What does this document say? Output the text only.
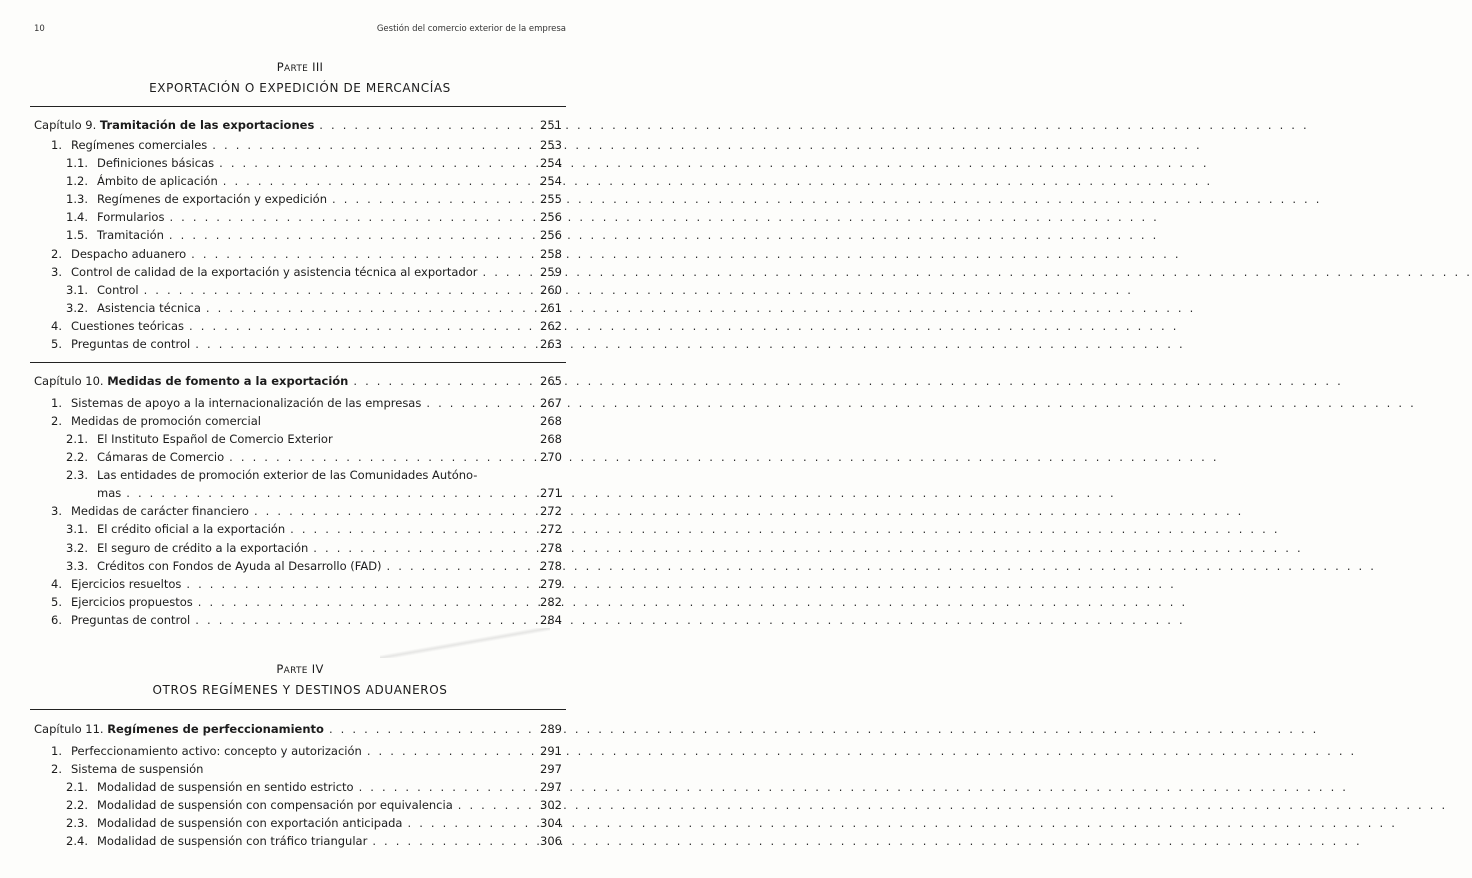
10	Gestión del comercio exterior de la empresa
PARTE III
EXPORTACIÓN O EXPEDICIÓN DE MERCANCÍAS
Capítulo 9. Tramitación de las exportaciones . . .	251
1. Regímenes comerciales . . .	253
1.1. Definiciones básicas . . .	254
1.2. Ámbito de aplicación . . .	254
1.3. Regímenes de exportación y expedición . . .	255
1.4. Formularios . . .	256
1.5. Tramitación . . .	256
2. Despacho aduanero . . .	258
3. Control de calidad de la exportación y asistencia técnica al exportador . . .	259
3.1. Control . . .	260
3.2. Asistencia técnica . . .	261
4. Cuestiones teóricas . . .	262
5. Preguntas de control . . .	263
Capítulo 10. Medidas de fomento a la exportación . . .	265
1. Sistemas de apoyo a la internacionalización de las empresas . . .	267
2. Medidas de promoción comercial	268
2.1. El Instituto Español de Comercio Exterior	268
2.2. Cámaras de Comercio . . .	270
2.3. Las entidades de promoción exterior de las Comunidades Autóno-
mas . . .	271
3. Medidas de carácter financiero . . .	272
3.1. El crédito oficial a la exportación . . .	272
3.2. El seguro de crédito a la exportación . . .	278
3.3. Créditos con Fondos de Ayuda al Desarrollo (FAD) . . .	278
4. Ejercicios resueltos . . .	279
5. Ejercicios propuestos . . .	282
6. Preguntas de control . . .	284
PARTE IV
OTROS REGÍMENES Y DESTINOS ADUANEROS
Capítulo 11. Regímenes de perfeccionamiento . . .	289
1. Perfeccionamiento activo: concepto y autorización . . .	291
2. Sistema de suspensión	297
2.1. Modalidad de suspensión en sentido estricto . . .	297
2.2. Modalidad de suspensión con compensación por equivalencia . . .	302
2.3. Modalidad de suspensión con exportación anticipada . . .	304
2.4. Modalidad de suspensión con tráfico triangular . . .	306
